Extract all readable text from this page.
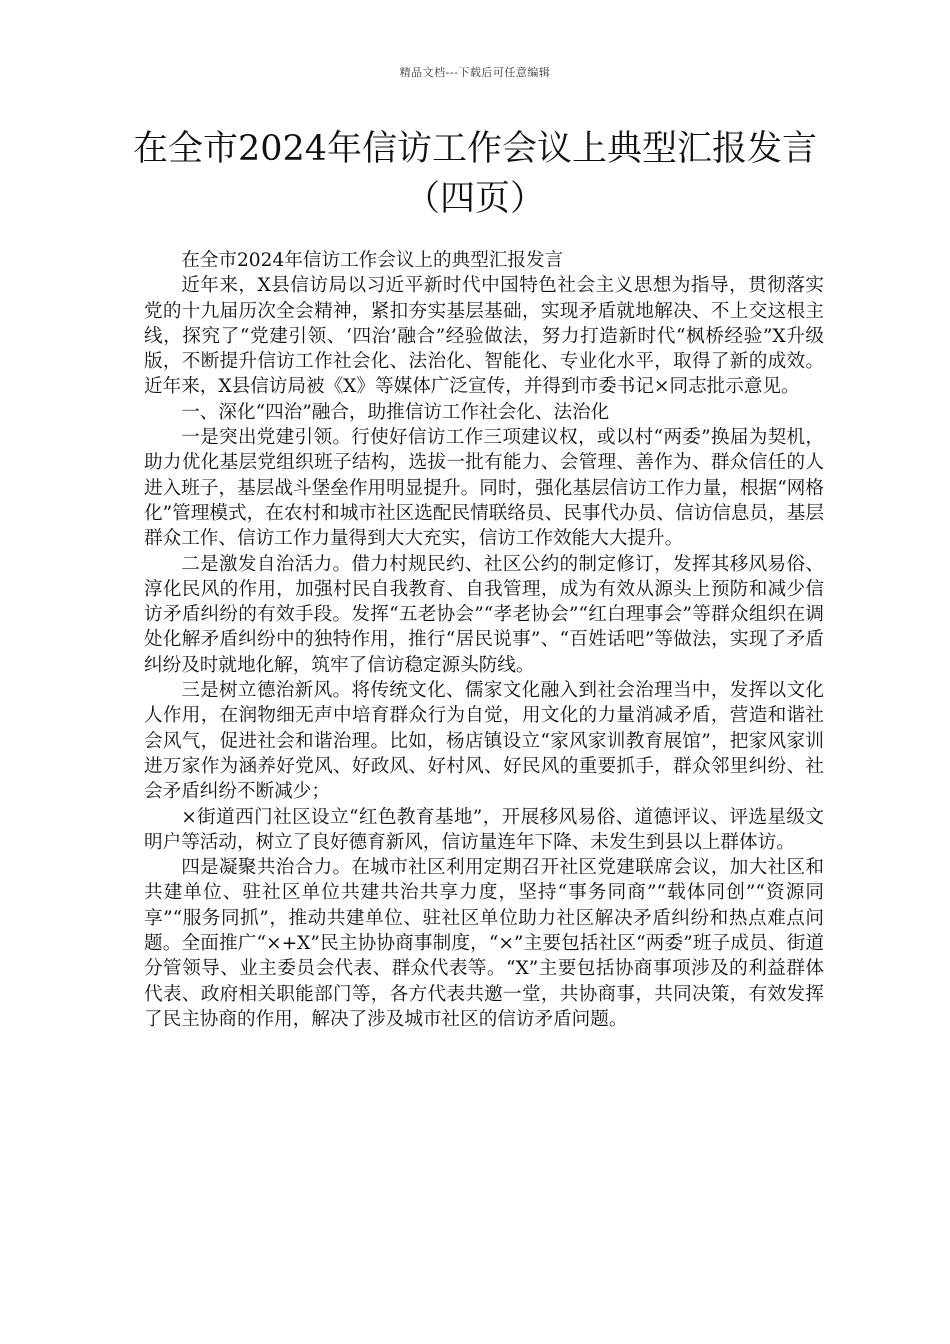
精品文档---下载后可任意编辑
在全市2024年信访工作会议上典型汇报发言（四页）

在全市2024年信访工作会议上的典型汇报发言

近年来，X县信访局以习近平新时代中国特色社会主义思想为指导，贯彻落实党的十九届历次全会精神，紧扣夯实基层基础，实现矛盾就地解决、不上交这根主线，探究了“党建引领、‘四治’融合”经验做法，努力打造新时代“枫桥经验”X升级版，不断提升信访工作社会化、法治化、智能化、专业化水平，取得了新的成效。近年来，X县信访局被《X》等媒体广泛宣传，并得到市委书记×同志批示意见。

一、深化“四治”融合，助推信访工作社会化、法治化

一是突出党建引领。行使好信访工作三项建议权，或以村“两委”换届为契机，助力优化基层党组织班子结构，选拔一批有能力、会管理、善作为、群众信任的人进入班子，基层战斗堡垒作用明显提升。同时，强化基层信访工作力量，根据“网格化”管理模式，在农村和城市社区选配民情联络员、民事代办员、信访信息员，基层群众工作、信访工作力量得到大大充实，信访工作效能大大提升。

二是激发自治活力。借力村规民约、社区公约的制定修订，发挥其移风易俗、淳化民风的作用，加强村民自我教育、自我管理，成为有效从源头上预防和减少信访矛盾纠纷的有效手段。发挥“五老协会”“孝老协会”“红白理事会”等群众组织在调处化解矛盾纠纷中的独特作用，推行“居民说事”、“百姓话吧”等做法，实现了矛盾纠纷及时就地化解，筑牢了信访稳定源头防线。

三是树立德治新风。将传统文化、儒家文化融入到社会治理当中，发挥以文化人作用，在润物细无声中培育群众行为自觉，用文化的力量消减矛盾，营造和谐社会风气，促进社会和谐治理。比如，杨店镇设立“家风家训教育展馆”，把家风家训进万家作为涵养好党风、好政风、好村风、好民风的重要抓手，群众邻里纠纷、社会矛盾纠纷不断减少；

×街道西门社区设立“红色教育基地”，开展移风易俗、道德评议、评选星级文明户等活动，树立了良好德育新风，信访量连年下降、未发生到县以上群体访。

四是凝聚共治合力。在城市社区利用定期召开社区党建联席会议，加大社区和共建单位、驻社区单位共建共治共享力度，坚持“事务同商”“载体同创”“资源同享”“服务同抓”，推动共建单位、驻社区单位助力社区解决矛盾纠纷和热点难点问题。全面推广“×+X”民主协协商事制度，“×”主要包括社区“两委”班子成员、街道分管领导、业主委员会代表、群众代表等。“X”主要包括协商事项涉及的利益群体代表、政府相关职能部门等，各方代表共邀一堂，共协商事，共同决策，有效发挥了民主协商的作用，解决了涉及城市社区的信访矛盾问题。
